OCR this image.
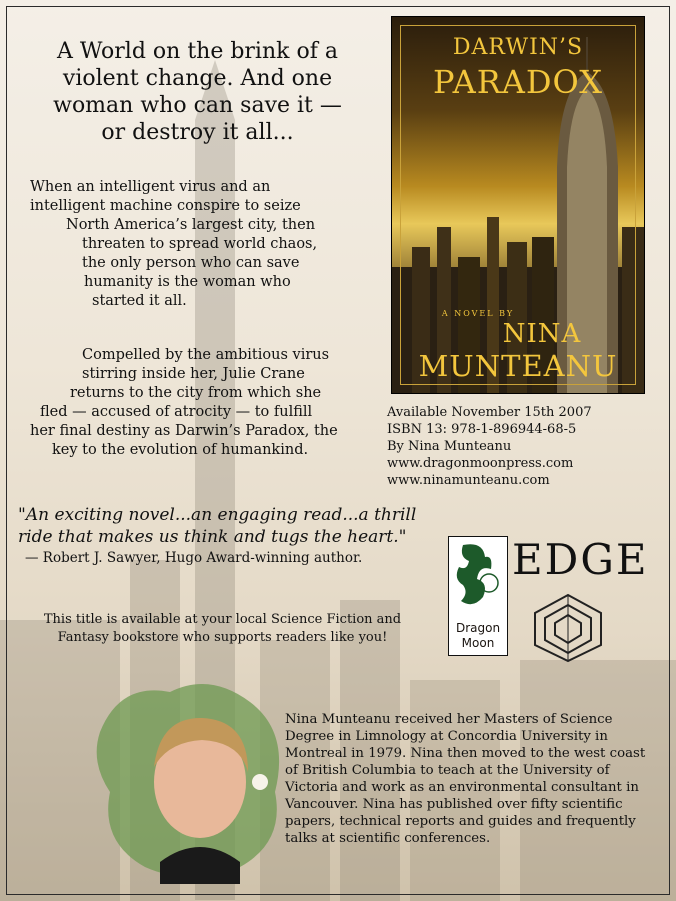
A World on the brink of a
violent change. And one
woman who can save it —
or destroy it all...
When an intelligent virus and an
intelligent machine conspire to seize
North America’s largest city, then
threaten to spread world chaos,
the only person who can save
humanity is the woman who
started it all.
Compelled by the ambitious virus
stirring inside her, Julie Crane
returns to the city from which she
fled — accused of atrocity — to fulfill
her final destiny as Darwin’s Paradox, the
key to the evolution of humankind.
DARWIN’S
PARADOX
A NOVEL BY
NINA
MUNTEANU
Available November 15th 2007
ISBN 13: 978-1-896944-68-5
By Nina Munteanu
www.dragonmoonpress.com
www.ninamunteanu.com
"An exciting novel...an engaging read...a thrill
ride that makes us think and tugs the heart."
— Robert J. Sawyer, Hugo Award-winning author.
This title is available at your local Science Fiction and
Fantasy bookstore who supports readers like you!
Dragon
Moon
EDGE
Nina Munteanu received her Masters of Science
Degree in Limnology at Concordia University in
Montreal in 1979. Nina then moved to the west coast
of British Columbia to teach at the University of
Victoria and work as an environmental consultant in
Vancouver. Nina has published over fifty scientific
papers, technical reports and guides and frequently
talks at scientific conferences.
